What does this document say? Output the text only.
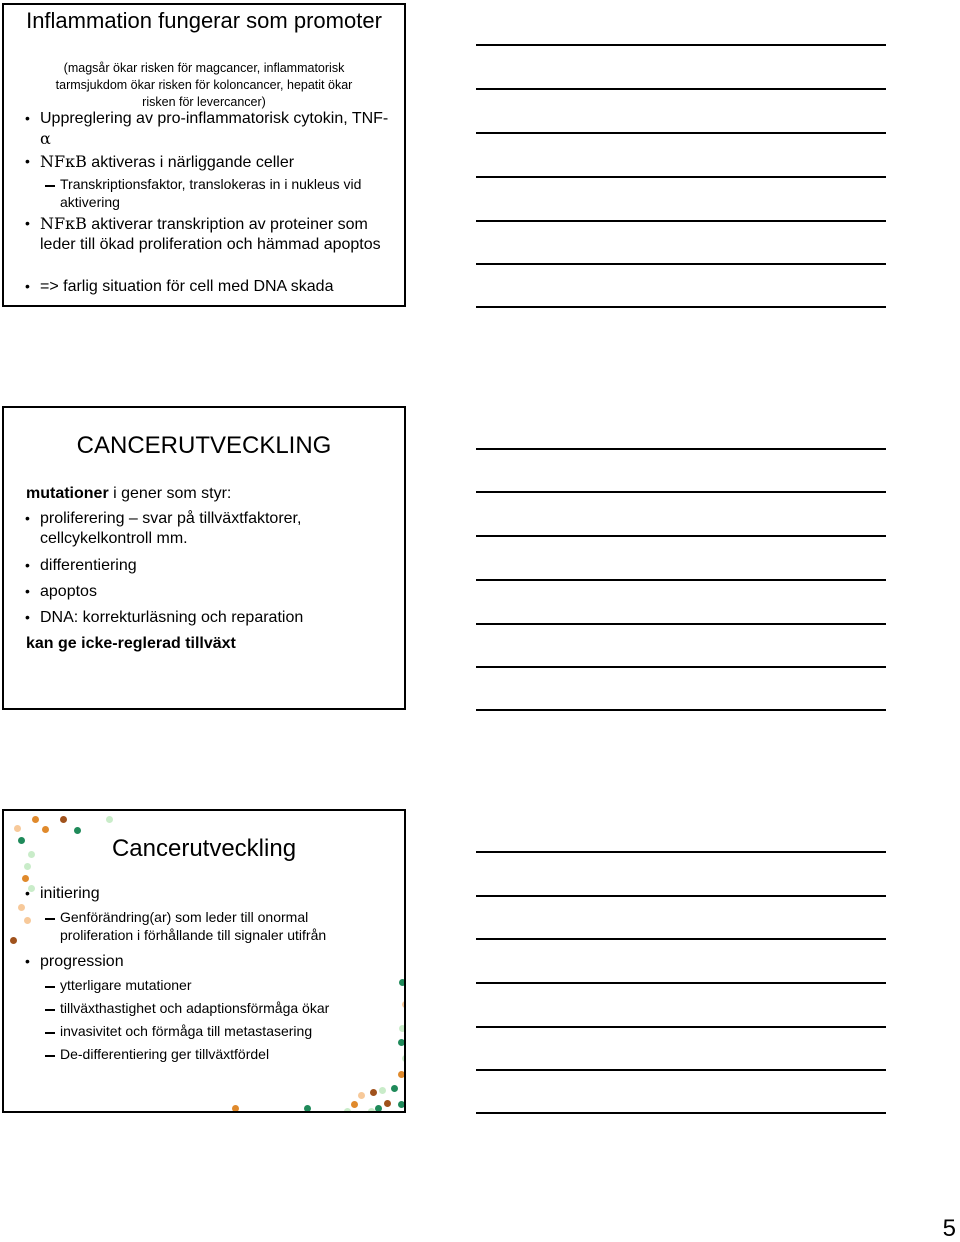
Inflammation fungerar som promoter
(magsår ökar risken för magcancer, inflammatorisk tarmsjukdom ökar risken för koloncancer, hepatit ökar risken för levercancer)
• Uppreglering av pro-inflammatorisk cytokin, TNF-α
• NFκB aktiveras i närliggande celler
Transkriptionsfaktor, translokeras in i nukleus vid aktivering
• NFκB aktiverar transkription av proteiner som leder till ökad proliferation och hämmad apoptos
• => farlig situation för cell med DNA skada
CANCERUTVECKLING
mutationer i gener som styr:
• proliferering – svar på tillväxtfaktorer, cellcykelkontroll mm.
• differentiering
• apoptos
• DNA: korrekturläsning och reparation
kan ge icke-reglerad tillväxt
Cancerutveckling
• initiering
Genförändring(ar) som leder till onormal proliferation i förhållande till signaler utifrån
• progression
ytterligare mutationer
tillväxthastighet och adaptionsförmåga ökar
invasivitet och förmåga till metastasering
De-differentiering ger tillväxtfördel
5
